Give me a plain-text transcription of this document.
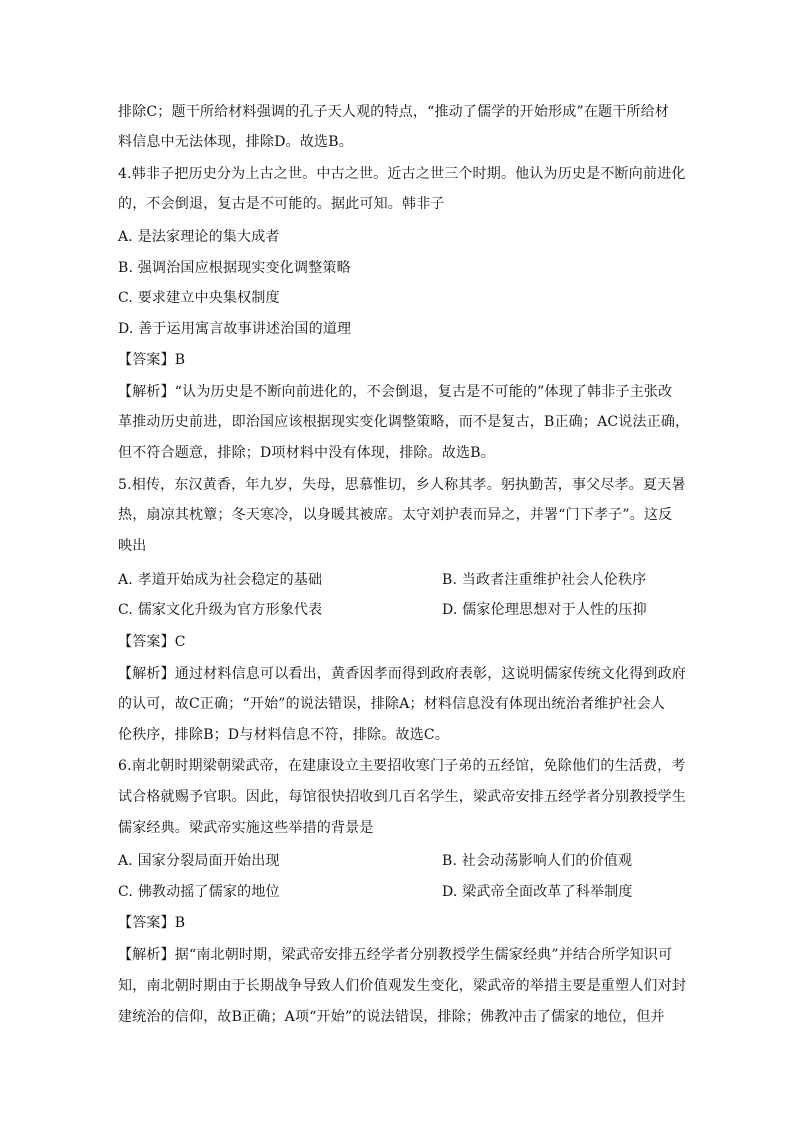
排除C；题干所给材料强调的孔子天人观的特点，“推动了儒学的开始形成”在题干所给材
料信息中无法体现，排除D。故选B。
4.韩非子把历史分为上古之世。中古之世。近古之世三个时期。他认为历史是不断向前进化
的，不会倒退，复古是不可能的。据此可知。韩非子
A. 是法家理论的集大成者
B. 强调治国应根据现实变化调整策略
C. 要求建立中央集权制度
D. 善于运用寓言故事讲述治国的道理
【答案】B
【解析】“认为历史是不断向前进化的，不会倒退，复古是不可能的”体现了韩非子主张改
革推动历史前进，即治国应该根据现实变化调整策略，而不是复古，B正确；AC说法正确，
但不符合题意，排除；D项材料中没有体现，排除。故选B。
5.相传，东汉黄香，年九岁，失母，思慕惟切，乡人称其孝。躬执勤苦，事父尽孝。夏天暑
热，扇凉其枕簟；冬天寒冷，以身暖其被席。太守刘护表而异之，并署“门下孝子”。这反
映出
A. 孝道开始成为社会稳定的基础	B. 当政者注重维护社会人伦秩序
C. 儒家文化升级为官方形象代表	D. 儒家伦理思想对于人性的压抑
【答案】C
【解析】通过材料信息可以看出，黄香因孝而得到政府表彰，这说明儒家传统文化得到政府
的认可，故C正确；“开始”的说法错误，排除A；材料信息没有体现出统治者维护社会人
伦秩序，排除B；D与材料信息不符，排除。故选C。
6.南北朝时期梁朝梁武帝，在建康设立主要招收寒门子弟的五经馆，免除他们的生活费，考
试合格就赐予官职。因此，每馆很快招收到几百名学生，梁武帝安排五经学者分别教授学生
儒家经典。梁武帝实施这些举措的背景是
A. 国家分裂局面开始出现	B. 社会动荡影响人们的价值观
C. 佛教动摇了儒家的地位	D. 梁武帝全面改革了科举制度
【答案】B
【解析】据“南北朝时期，梁武帝安排五经学者分别教授学生儒家经典”并结合所学知识可
知，南北朝时期由于长期战争导致人们价值观发生变化，梁武帝的举措主要是重塑人们对封
建统治的信仰，故B正确；A项“开始”的说法错误，排除；佛教冲击了儒家的地位，但并
